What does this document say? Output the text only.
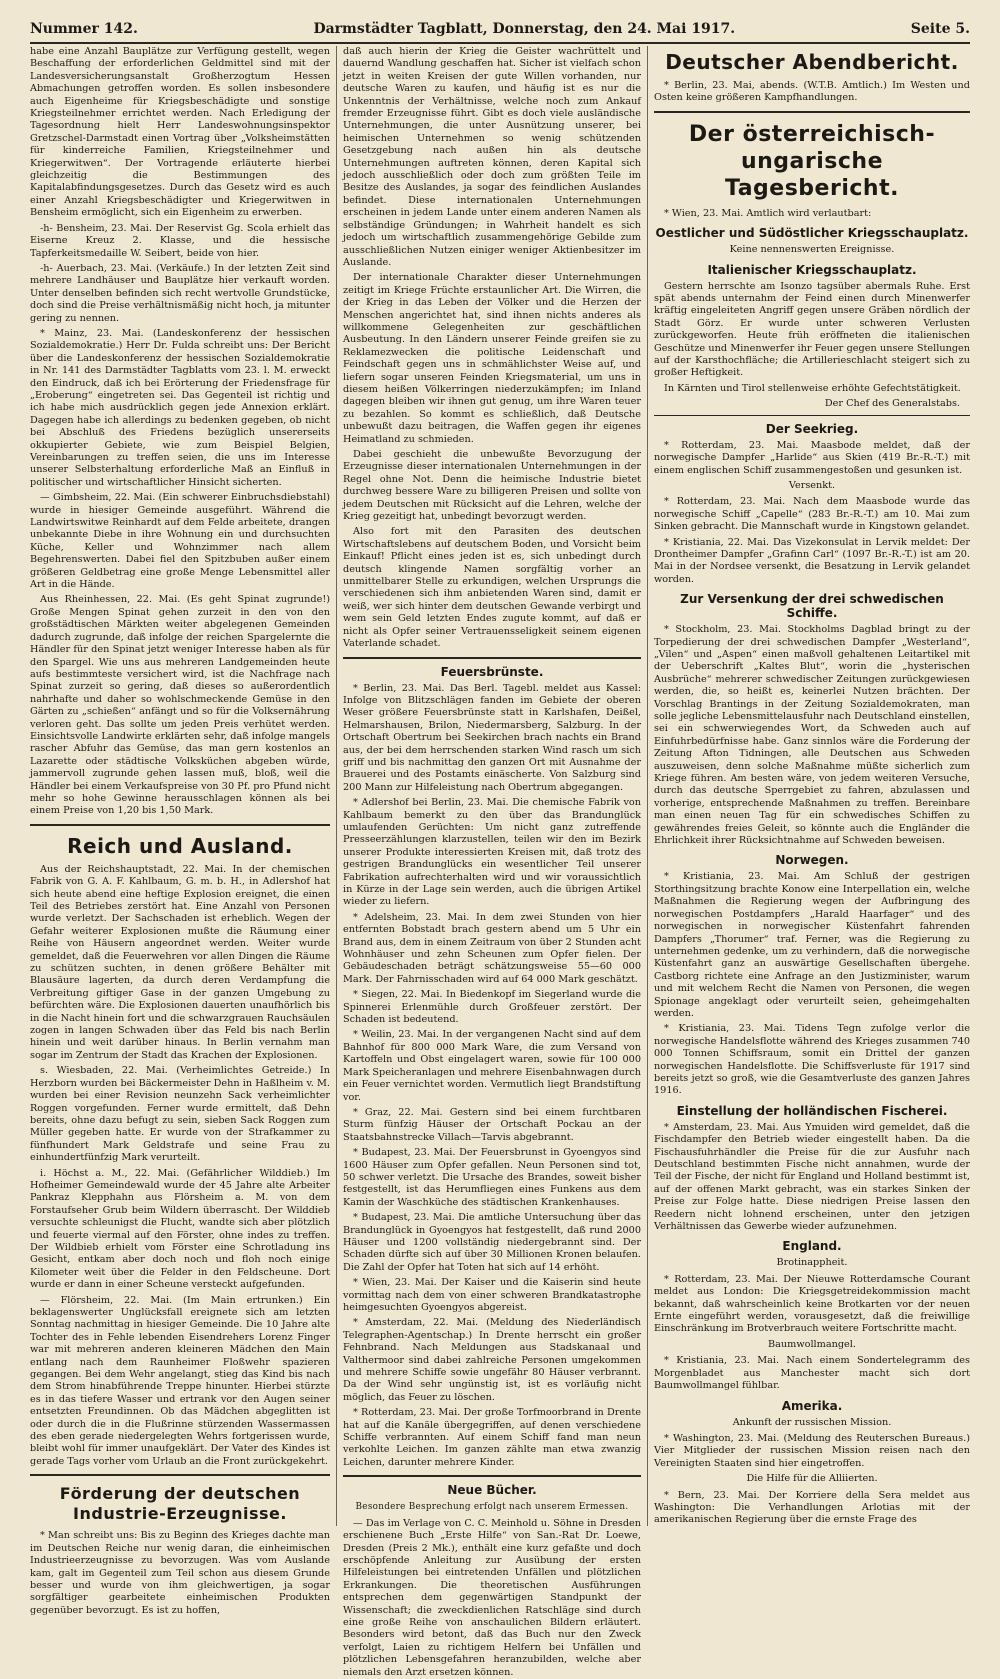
Nummer 142.	Darmstädter Tagblatt, Donnerstag, den 24. Mai 1917.	Seite 5.

habe eine Anzahl Bauplätze zur Verfügung gestellt, wegen Beschaffung der erforderlichen Geldmittel sind mit der Landesversicherungsanstalt Großherzogtum Hessen Abmachungen getroffen worden. Es sollen insbesondere auch Eigenheime für Kriegsbeschädigte und sonstige Kriegsteilnehmer errichtet werden. Nach Erledigung der Tagesordnung hielt Herr Landeswohnungsinspektor Gretzschel-Darmstadt einen Vortrag über „Volksheimstätten für kinderreiche Familien, Kriegsteilnehmer und Kriegerwitwen“. Der Vortragende erläuterte hierbei gleichzeitig die Bestimmungen des Kapitalabfindungsgesetzes. Durch das Gesetz wird es auch einer Anzahl Kriegsbeschädigter und Kriegerwitwen in Bensheim ermöglicht, sich ein Eigenheim zu erwerben.

-h- Bensheim, 23. Mai. Der Reservist Gg. Scola erhielt das Eiserne Kreuz 2. Klasse, und die hessische Tapferkeitsmedaille W. Seibert, beide von hier.

-h- Auerbach, 23. Mai. (Verkäufe.) In der letzten Zeit sind mehrere Landhäuser und Bauplätze hier verkauft worden. Unter denselben befinden sich recht wertvolle Grundstücke, doch sind die Preise verhältnismäßig nicht hoch, ja mitunter gering zu nennen.

* Mainz, 23. Mai. (Landeskonferenz der hessischen Sozialdemokratie.) Herr Dr. Fulda schreibt uns: Der Bericht über die Landeskonferenz der hessischen Sozialdemokratie in Nr. 141 des Darmstädter Tagblatts vom 23. l. M. erweckt den Eindruck, daß ich bei Erörterung der Friedensfrage für „Eroberung“ eingetreten sei. Das Gegenteil ist richtig und ich habe mich ausdrücklich gegen jede Annexion erklärt. Dagegen habe ich allerdings zu bedenken gegeben, ob nicht bei Abschluß des Friedens bezüglich unsererseits okkupierter Gebiete, wie zum Beispiel Belgien, Vereinbarungen zu treffen seien, die uns im Interesse unserer Selbsterhaltung erforderliche Maß an Einfluß in politischer und wirtschaftlicher Hinsicht sicherten.

— Gimbsheim, 22. Mai. (Ein schwerer Einbruchsdiebstahl) wurde in hiesiger Gemeinde ausgeführt. Während die Landwirtswitwe Reinhardt auf dem Felde arbeitete, drangen unbekannte Diebe in ihre Wohnung ein und durchsuchten Küche, Keller und Wohnzimmer nach allem Begehrenswerten. Dabei fiel den Spitzbuben außer einem größeren Geldbetrag eine große Menge Lebensmittel aller Art in die Hände.

Aus Rheinhessen, 22. Mai. (Es geht Spinat zugrunde!) Große Mengen Spinat gehen zurzeit in den von den großstädtischen Märkten weiter abgelegenen Gemeinden dadurch zugrunde, daß infolge der reichen Spargelernte die Händler für den Spinat jetzt weniger Interesse haben als für den Spargel. Wie uns aus mehreren Landgemeinden heute aufs bestimmteste versichert wird, ist die Nachfrage nach Spinat zurzeit so gering, daß dieses so außerordentlich nahrhafte und daher so wohlschmeckende Gemüse in den Gärten zu „schießen“ anfängt und so für die Volksernährung verloren geht. Das sollte um jeden Preis verhütet werden. Einsichtsvolle Landwirte erklärten sehr, daß infolge mangels rascher Abfuhr das Gemüse, das man gern kostenlos an Lazarette oder städtische Volksküchen abgeben würde, jammervoll zugrunde gehen lassen muß, bloß, weil die Händler bei einem Verkaufspreise von 30 Pf. pro Pfund nicht mehr so hohe Gewinne herausschlagen können als bei einem Preise von 1,20 bis 1,50 Mark.

Reich und Ausland.

Aus der Reichshauptstadt, 22. Mai. In der chemischen Fabrik von G. A. F. Kahlbaum, G. m. b. H., in Adlershof hat sich heute abend eine heftige Explosion ereignet, die einen Teil des Betriebes zerstört hat. Eine Anzahl von Personen wurde verletzt. Der Sachschaden ist erheblich. Wegen der Gefahr weiterer Explosionen mußte die Räumung einer Reihe von Häusern angeordnet werden. Weiter wurde gemeldet, daß die Feuerwehren vor allen Dingen die Räume zu schützen suchten, in denen größere Behälter mit Blausäure lagerten, da durch deren Verdampfung die Verbreitung giftiger Gase in der ganzen Umgebung zu befürchten wäre. Die Explosionen dauerten unaufhörlich bis in die Nacht hinein fort und die schwarzgrauen Rauchsäulen zogen in langen Schwaden über das Feld bis nach Berlin hinein und weit darüber hinaus. In Berlin vernahm man sogar im Zentrum der Stadt das Krachen der Explosionen.

s. Wiesbaden, 22. Mai. (Verheimlichtes Getreide.) In Herzborn wurden bei Bäckermeister Dehn in Haßlheim v. M. wurden bei einer Revision neunzehn Sack verheimlichter Roggen vorgefunden. Ferner wurde ermittelt, daß Dehn bereits, ohne dazu befugt zu sein, sieben Sack Roggen zum Müller gegeben hatte. Er wurde von der Strafkammer zu fünfhundert Mark Geldstrafe und seine Frau zu einhundertfünfzig Mark verurteilt.

i. Höchst a. M., 22. Mai. (Gefährlicher Wilddieb.) Im Hofheimer Gemeindewald wurde der 45 Jahre alte Arbeiter Pankraz Klepphahn aus Flörsheim a. M. von dem Forstaufseher Grub beim Wildern überrascht. Der Wilddieb versuchte schleunigst die Flucht, wandte sich aber plötzlich und feuerte viermal auf den Förster, ohne indes zu treffen. Der Wildbieb erhielt vom Förster eine Schrotladung ins Gesicht, entkam aber doch noch und floh noch einige Kilometer weit über die Felder in den Feldscheune. Dort wurde er dann in einer Scheune versteckt aufgefunden.

— Flörsheim, 22. Mai. (Im Main ertrunken.) Ein beklagenswerter Unglücksfall ereignete sich am letzten Sonntag nachmittag in hiesiger Gemeinde. Die 10 Jahre alte Tochter des in Fehle lebenden Eisendrehers Lorenz Finger war mit mehreren anderen kleineren Mädchen den Main entlang nach dem Raunheimer Floßwehr spazieren gegangen. Bei dem Wehr angelangt, stieg das Kind bis nach dem Strom hinabführende Treppe hinunter. Hierbei stürzte es in das tiefere Wasser und ertrank vor den Augen seiner entsetzten Freundinnen. Ob das Mädchen abgeglitten ist oder durch die in die Flußrinne stürzenden Wassermassen des eben gerade niedergelegten Wehrs fortgerissen wurde, bleibt wohl für immer unaufgeklärt. Der Vater des Kindes ist gerade Tags vorher vom Urlaub an die Front zurückgekehrt.

Förderung der deutschen Industrie-Erzeugnisse.

* Man schreibt uns: Bis zu Beginn des Krieges dachte man im Deutschen Reiche nur wenig daran, die einheimischen Industrieerzeugnisse zu bevorzugen. Was vom Auslande kam, galt im Gegenteil zum Teil schon aus diesem Grunde besser und wurde von ihm gleichwertigen, ja sogar sorgfältiger gearbeitete einheimischen Produkten gegenüber bevorzugt. Es ist zu hoffen,

daß auch hierin der Krieg die Geister wachrüttelt und dauernd Wandlung geschaffen hat. Sicher ist vielfach schon jetzt in weiten Kreisen der gute Willen vorhanden, nur deutsche Waren zu kaufen, und häufig ist es nur die Unkenntnis der Verhältnisse, welche noch zum Ankauf fremder Erzeugnisse führt. Gibt es doch viele ausländische Unternehmungen, die unter Ausnützung unserer, bei heimischen Unternehmen so wenig schützenden Gesetzgebung nach außen hin als deutsche Unternehmungen auftreten können, deren Kapital sich jedoch ausschließlich oder doch zum größten Teile im Besitze des Auslandes, ja sogar des feindlichen Auslandes befindet. Diese internationalen Unternehmungen erscheinen in jedem Lande unter einem anderen Namen als selbständige Gründungen; in Wahrheit handelt es sich jedoch um wirtschaftlich zusammengehörige Gebilde zum ausschließlichen Nutzen einiger weniger Aktienbesitzer im Auslande.

Der internationale Charakter dieser Unternehmungen zeitigt im Kriege Früchte erstaunlicher Art. Die Wirren, die der Krieg in das Leben der Völker und die Herzen der Menschen angerichtet hat, sind ihnen nichts anderes als willkommene Gelegenheiten zur geschäftlichen Ausbeutung. In den Ländern unserer Feinde greifen sie zu Reklamezwecken die politische Leidenschaft und Feindschaft gegen uns in schmählichster Weise auf, und liefern sogar unseren Feinden Kriegsmaterial, um uns in diesem heißen Völkerringen niederzukämpfen; im Inland dagegen bleiben wir ihnen gut genug, um ihre Waren teuer zu bezahlen. So kommt es schließlich, daß Deutsche unbewußt dazu beitragen, die Waffen gegen ihr eigenes Heimatland zu schmieden.

Dabei geschieht die unbewußte Bevorzugung der Erzeugnisse dieser internationalen Unternehmungen in der Regel ohne Not. Denn die heimische Industrie bietet durchweg bessere Ware zu billigeren Preisen und sollte von jedem Deutschen mit Rücksicht auf die Lehren, welche der Krieg gezeitigt hat, unbedingt bevorzugt werden.

Also fort mit den Parasiten des deutschen Wirtschaftslebens auf deutschem Boden, und Vorsicht beim Einkauf! Pflicht eines jeden ist es, sich unbedingt durch deutsch klingende Namen sorgfältig vorher an unmittelbarer Stelle zu erkundigen, welchen Ursprungs die verschiedenen sich ihm anbietenden Waren sind, damit er weiß, wer sich hinter dem deutschen Gewande verbirgt und wem sein Geld letzten Endes zugute kommt, auf daß er nicht als Opfer seiner Vertrauensseligkeit seinem eigenen Vaterlande schadet.

Feuersbrünste.

* Berlin, 23. Mai. Das Berl. Tagebl. meldet aus Kassel: Infolge von Blitzschlägen fanden im Gebiete der oberen Weser größere Feuersbrünste statt in Karlshafen, Deißel, Helmarshausen, Brilon, Niedermarsberg, Salzburg. In der Ortschaft Obertrum bei Seekirchen brach nachts ein Brand aus, der bei dem herrschenden starken Wind rasch um sich griff und bis nachmittag den ganzen Ort mit Ausnahme der Brauerei und des Postamts einäscherte. Von Salzburg sind 200 Mann zur Hilfeleistung nach Obertrum abgegangen.

* Adlershof bei Berlin, 23. Mai. Die chemische Fabrik von Kahlbaum bemerkt zu den über das Brandunglück umlaufenden Gerüchten: Um nicht ganz zutreffende Presseerzählungen klarzustellen, teilen wir den im Bezirk unserer Produkte interessierten Kreisen mit, daß trotz des gestrigen Brandunglücks ein wesentlicher Teil unserer Fabrikation aufrechterhalten wird und wir voraussichtlich in Kürze in der Lage sein werden, auch die übrigen Artikel wieder zu liefern.

* Adelsheim, 23. Mai. In dem zwei Stunden von hier entfernten Bobstadt brach gestern abend um 5 Uhr ein Brand aus, dem in einem Zeitraum von über 2 Stunden acht Wohnhäuser und zehn Scheunen zum Opfer fielen. Der Gebäudeschaden beträgt schätzungsweise 55—60 000 Mark. Der Fahrnisschaden wird auf 64 000 Mark geschätzt.

* Siegen, 22. Mai. In Biedenkopf im Siegerland wurde die Spinnerei Erlenmühle durch Großfeuer zerstört. Der Schaden ist bedeutend.

* Weilin, 23. Mai. In der vergangenen Nacht sind auf dem Bahnhof für 800 000 Mark Ware, die zum Versand von Kartoffeln und Obst eingelagert waren, sowie für 100 000 Mark Speicheranlagen und mehrere Eisenbahnwagen durch ein Feuer vernichtet worden. Vermutlich liegt Brandstiftung vor.

* Graz, 22. Mai. Gestern sind bei einem furchtbaren Sturm fünfzig Häuser der Ortschaft Pockau an der Staatsbahnstrecke Villach—Tarvis abgebrannt.

* Budapest, 23. Mai. Der Feuersbrunst in Gyoengyos sind 1600 Häuser zum Opfer gefallen. Neun Personen sind tot, 50 schwer verletzt. Die Ursache des Brandes, soweit bisher festgestellt, ist das Herumfliegen eines Funkens aus dem Kamin der Waschküche des städtischen Krankenhauses.

* Budapest, 23. Mai. Die amtliche Untersuchung über das Brandunglück in Gyoengyos hat festgestellt, daß rund 2000 Häuser und 1200 vollständig niedergebrannt sind. Der Schaden dürfte sich auf über 30 Millionen Kronen belaufen. Die Zahl der Opfer hat Toten hat sich auf 14 erhöht.

* Wien, 23. Mai. Der Kaiser und die Kaiserin sind heute vormittag nach dem von einer schweren Brandkatastrophe heimgesuchten Gyoengyos abgereist.

* Amsterdam, 22. Mai. (Meldung des Niederländisch Telegraphen-Agentschap.) In Drente herrscht ein großer Fehnbrand. Nach Meldungen aus Stadskanaal und Valthermoor sind dabei zahlreiche Personen umgekommen und mehrere Schiffe sowie ungefähr 80 Häuser verbrannt. Da der Wind sehr ungünstig ist, ist es vorläufig nicht möglich, das Feuer zu löschen.

* Rotterdam, 23. Mai. Der große Torfmoorbrand in Drente hat auf die Kanäle übergegriffen, auf denen verschiedene Schiffe verbrannten. Auf einem Schiff fand man neun verkohlte Leichen. Im ganzen zählte man etwa zwanzig Leichen, darunter mehrere Kinder.

Neue Bücher.
Besondere Besprechung erfolgt nach unserem Ermessen.

— Das im Verlage von C. C. Meinhold u. Söhne in Dresden erschienene Buch „Erste Hilfe“ von San.-Rat Dr. Loewe, Dresden (Preis 2 Mk.), enthält eine kurz gefaßte und doch erschöpfende Anleitung zur Ausübung der ersten Hilfeleistungen bei eintretenden Unfällen und plötzlichen Erkrankungen. Die theoretischen Ausführungen entsprechen dem gegenwärtigen Standpunkt der Wissenschaft; die zweckdienlichen Ratschläge sind durch eine große Reihe von anschaulichen Bildern erläutert. Besonders wird betont, daß das Buch nur den Zweck verfolgt, Laien zu richtigem Helfern bei Unfällen und plötzlichen Lebensgefahren heranzubilden, welche aber niemals den Arzt ersetzen können.

Deutscher Abendbericht.

* Berlin, 23. Mai, abends. (W.T.B. Amtlich.) Im Westen und Osten keine größeren Kampfhandlungen.

Der österreichisch-ungarische Tagesbericht.

* Wien, 23. Mai. Amtlich wird verlautbart:

Oestlicher und Südöstlicher Kriegsschauplatz.
Keine nennenswerten Ereignisse.
Italienischer Kriegsschauplatz.

Gestern herrschte am Isonzo tagsüber abermals Ruhe. Erst spät abends unternahm der Feind einen durch Minenwerfer kräftig eingeleiteten Angriff gegen unsere Gräben nördlich der Stadt Görz. Er wurde unter schweren Verlusten zurückgeworfen. Heute früh eröffneten die italienischen Geschütze und Minenwerfer ihr Feuer gegen unsere Stellungen auf der Karsthochfläche; die Artillerieschlacht steigert sich zu großer Heftigkeit.

In Kärnten und Tirol stellenweise erhöhte Gefechtstätigkeit.

Der Chef des Generalstabs.
Der Seekrieg.

* Rotterdam, 23. Mai. Maasbode meldet, daß der norwegische Dampfer „Harlide“ aus Skien (419 Br.-R.-T.) mit einem englischen Schiff zusammengestoßen und gesunken ist.

Versenkt.

* Rotterdam, 23. Mai. Nach dem Maasbode wurde das norwegische Schiff „Capelle“ (283 Br.-R.-T.) am 10. Mai zum Sinken gebracht. Die Mannschaft wurde in Kingstown gelandet.

* Kristiania, 22. Mai. Das Vizekonsulat in Lervik meldet: Der Drontheimer Dampfer „Grafinn Carl“ (1097 Br.-R.-T.) ist am 20. Mai in der Nordsee versenkt, die Besatzung in Lervik gelandet worden.

Zur Versenkung der drei schwedischen Schiffe.

* Stockholm, 23. Mai. Stockholms Dagblad bringt zu der Torpedierung der drei schwedischen Dampfer „Westerland“, „Vilen“ und „Aspen“ einen maßvoll gehaltenen Leitartikel mit der Ueberschrift „Kaltes Blut“, worin die „hysterischen Ausbrüche“ mehrerer schwedischer Zeitungen zurückgewiesen werden, die, so heißt es, keinerlei Nutzen brächten. Der Vorschlag Brantings in der Zeitung Sozialdemokraten, man solle jegliche Lebensmittelausfuhr nach Deutschland einstellen, sei ein schwerwiegendes Wort, da Schweden auch auf Einfuhrbedürfnisse habe. Ganz sinnlos wäre die Forderung der Zeitung Afton Tidningen, alle Deutschen aus Schweden auszuweisen, denn solche Maßnahme müßte sicherlich zum Kriege führen. Am besten wäre, von jedem weiteren Versuche, durch das deutsche Sperrgebiet zu fahren, abzulassen und vorherige, entsprechende Maßnahmen zu treffen. Bereinbare man einen neuen Tag für ein schwedisches Schiffen zu gewährendes freies Geleit, so könnte auch die Engländer die Ehrlichkeit ihrer Rücksichtnahme auf Schweden beweisen.

Norwegen.

* Kristiania, 23. Mai. Am Schluß der gestrigen Storthingsitzung brachte Konow eine Interpellation ein, welche Maßnahmen die Regierung wegen der Aufbringung des norwegischen Postdampfers „Harald Haarfager“ und des norwegischen in norwegischer Küstenfahrt fahrenden Dampfers „Thorumer“ traf. Ferner, was die Regierung zu unternehmen gedenke, um zu verhindern, daß die norwegische Küstenfahrt ganz an auswärtige Gesellschaften übergehe. Castborg richtete eine Anfrage an den Justizminister, warum und mit welchem Recht die Namen von Personen, die wegen Spionage angeklagt oder verurteilt seien, geheimgehalten werden.

* Kristiania, 23. Mai. Tidens Tegn zufolge verlor die norwegische Handelsflotte während des Krieges zusammen 740 000 Tonnen Schiffsraum, somit ein Drittel der ganzen norwegischen Handelsflotte. Die Schiffsverluste für 1917 sind bereits jetzt so groß, wie die Gesamtverluste des ganzen Jahres 1916.

Einstellung der holländischen Fischerei.

* Amsterdam, 23. Mai. Aus Ymuiden wird gemeldet, daß die Fischdampfer den Betrieb wieder eingestellt haben. Da die Fischausfuhrhändler die Preise für die zur Ausfuhr nach Deutschland bestimmten Fische nicht annahmen, wurde der Teil der Fische, der nicht für England und Holland bestimmt ist, auf der offenen Markt gebracht, was ein starkes Sinken der Preise zur Folge hatte. Diese niedrigen Preise lassen den Reedern nicht lohnend erscheinen, unter den jetzigen Verhältnissen das Gewerbe wieder aufzunehmen.

England.
Brotinappheit.

* Rotterdam, 23. Mai. Der Nieuwe Rotterdamsche Courant meldet aus London: Die Kriegsgetreidekommission macht bekannt, daß wahrscheinlich keine Brotkarten vor der neuen Ernte eingeführt werden, vorausgesetzt, daß die freiwillige Einschränkung im Brotverbrauch weitere Fortschritte macht.

Baumwollmangel.

* Kristiania, 23. Mai. Nach einem Sondertelegramm des Morgenbladet aus Manchester macht sich dort Baumwollmangel fühlbar.

Amerika.
Ankunft der russischen Mission.

* Washington, 23. Mai. (Meldung des Reuterschen Bureaus.) Vier Mitglieder der russischen Mission reisen nach den Vereinigten Staaten sind hier eingetroffen.

Die Hilfe für die Alliierten.

* Bern, 23. Mai. Der Korriere della Sera meldet aus Washington: Die Verhandlungen Arlotias mit der amerikanischen Regierung über die ernste Frage des
